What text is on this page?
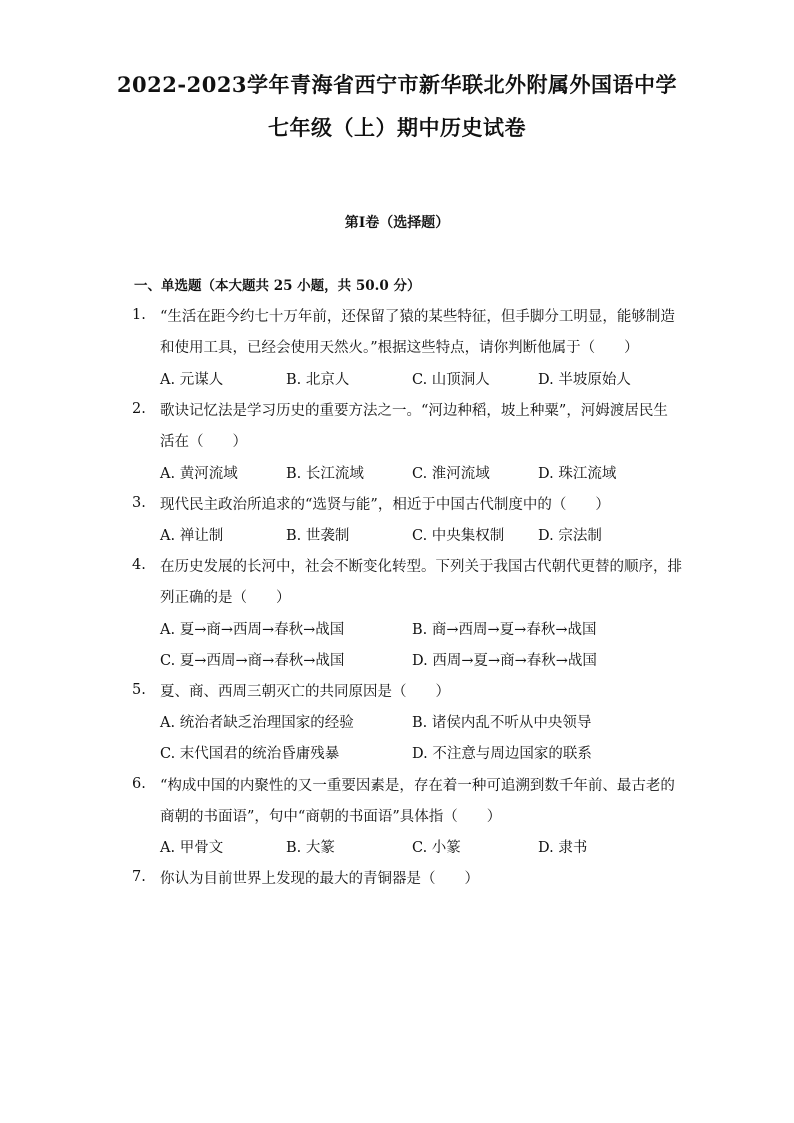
2022-2023学年青海省西宁市新华联北外附属外国语中学
七年级（上）期中历史试卷
第I卷（选择题）
一、单选题（本大题共 25 小题，共 50.0 分）
1. “生活在距今约七十万年前，还保留了猿的某些特征，但手脚分工明显，能够制造
和使用工具，已经会使用天然火。”根据这些特点，请你判断他属于（　　）
A. 元谋人	B. 北京人	C. 山顶洞人	D. 半坡原始人
2. 歌诀记忆法是学习历史的重要方法之一。“河边种稻，坡上种粟”，河姆渡居民生
活在（　　）
A. 黄河流域	B. 长江流域	C. 淮河流域	D. 珠江流域
3. 现代民主政治所追求的“选贤与能”，相近于中国古代制度中的（　　）
A. 禅让制	B. 世袭制	C. 中央集权制 D. 宗法制
4. 在历史发展的长河中，社会不断变化转型。下列关于我国古代朝代更替的顺序，排
列正确的是（　　）
A. 夏→商→西周→春秋→战国	B. 商→西周→夏→春秋→战国
C. 夏→西周→商→春秋→战国	D. 西周→夏→商→春秋→战国
5. 夏、商、西周三朝灭亡的共同原因是（　　）
A. 统治者缺乏治理国家的经验	B. 诸侯内乱不听从中央领导
C. 末代国君的统治昏庸残暴	D. 不注意与周边国家的联系
6. “构成中国的内聚性的又一重要因素是，存在着一种可追溯到数千年前、最古老的
商朝的书面语”，句中“商朝的书面语”具体指（　　）
A. 甲骨文	B. 大篆	C. 小篆	D. 隶书
7. 你认为目前世界上发现的最大的青铜器是（　　）
